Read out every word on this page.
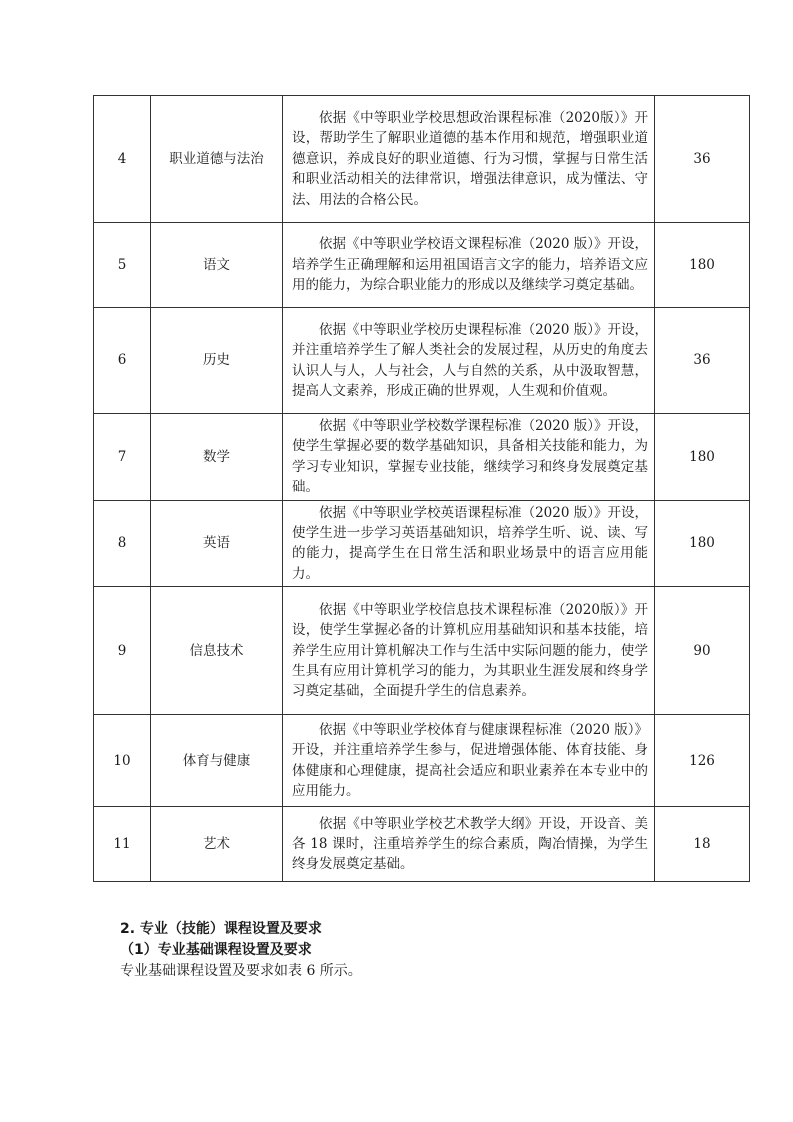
4	职业道德与法治	依据《中等职业学校思想政治课程标准（2020版）》开设，帮助学生了解职业道德的基本作用和规范，增强职业道德意识，养成良好的职业道德、行为习惯，掌握与日常生活和职业活动相关的法律常识，增强法律意识，成为懂法、守法、用法的合格公民。	36
5	语文	依据《中等职业学校语文课程标准（2020 版）》开设，培养学生正确理解和运用祖国语言文字的能力，培养语文应用的能力，为综合职业能力的形成以及继续学习奠定基础。	180
6	历史	依据《中等职业学校历史课程标准（2020 版）》开设，并注重培养学生了解人类社会的发展过程，从历史的角度去认识人与人，人与社会，人与自然的关系，从中汲取智慧，提高人文素养，形成正确的世界观，人生观和价值观。	36
7	数学	依据《中等职业学校数学课程标准（2020 版）》开设，使学生掌握必要的数学基础知识，具备相关技能和能力，为学习专业知识，掌握专业技能，继续学习和终身发展奠定基础。	180
8	英语	依据《中等职业学校英语课程标准（2020 版）》开设，使学生进一步学习英语基础知识，培养学生听、说、读、写的能力，提高学生在日常生活和职业场景中的语言应用能力。	180
9	信息技术	依据《中等职业学校信息技术课程标准（2020版）》开设，使学生掌握必备的计算机应用基础知识和基本技能，培养学生应用计算机解决工作与生活中实际问题的能力，使学生具有应用计算机学习的能力，为其职业生涯发展和终身学习奠定基础，全面提升学生的信息素养。	90
10	体育与健康	依据《中等职业学校体育与健康课程标准（2020 版）》开设，并注重培养学生参与，促进增强体能、体育技能、身体健康和心理健康，提高社会适应和职业素养在本专业中的应用能力。	126
11	艺术	依据《中等职业学校艺术教学大纲》开设，开设音、美各 18 课时，注重培养学生的综合素质，陶冶情操，为学生终身发展奠定基础。	18

2. 专业（技能）课程设置及要求

（1）专业基础课程设置及要求

专业基础课程设置及要求如表 6 所示。
